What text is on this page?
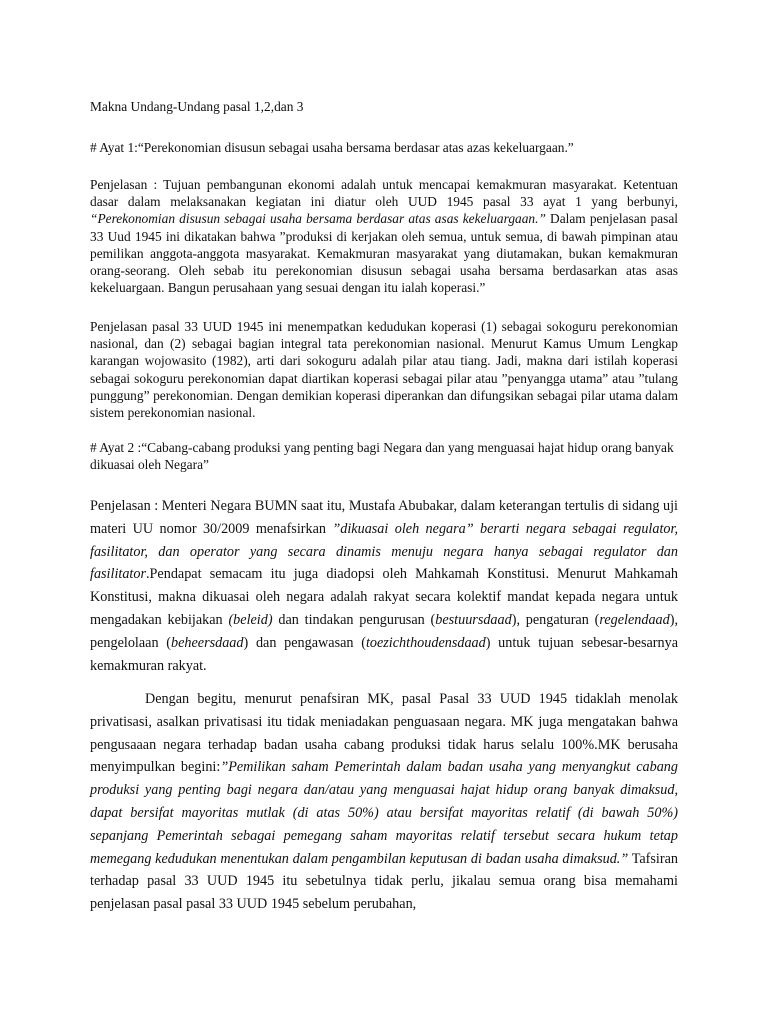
Makna Undang-Undang pasal 1,2,dan 3

# Ayat 1:“Perekonomian disusun sebagai usaha bersama berdasar atas azas kekeluargaan.”

Penjelasan : Tujuan pembangunan ekonomi adalah untuk mencapai kemakmuran masyarakat. Ketentuan dasar dalam melaksanakan kegiatan ini diatur oleh UUD 1945 pasal 33 ayat 1 yang berbunyi, “Perekonomian disusun sebagai usaha bersama berdasar atas asas kekeluargaan.” Dalam penjelasan pasal 33 Uud 1945 ini dikatakan bahwa ”produksi di kerjakan oleh semua, untuk semua, di bawah pimpinan atau pemilikan anggota-anggota masyarakat. Kemakmuran masyarakat yang diutamakan, bukan kemakmuran orang-seorang. Oleh sebab itu perekonomian disusun sebagai usaha bersama berdasarkan atas asas kekeluargaan. Bangun perusahaan yang sesuai dengan itu ialah koperasi.”

Penjelasan pasal 33 UUD 1945 ini menempatkan kedudukan koperasi (1) sebagai sokoguru perekonomian nasional, dan (2) sebagai bagian integral tata perekonomian nasional. Menurut Kamus Umum Lengkap karangan wojowasito (1982), arti dari sokoguru adalah pilar atau tiang. Jadi, makna dari istilah koperasi sebagai sokoguru perekonomian dapat diartikan koperasi sebagai pilar atau ”penyangga utama” atau ”tulang punggung” perekonomian. Dengan demikian koperasi diperankan dan difungsikan sebagai pilar utama dalam sistem perekonomian nasional.

# Ayat 2 :“Cabang-cabang produksi yang penting bagi Negara dan yang menguasai hajat hidup orang banyak dikuasai oleh Negara”

Penjelasan : Menteri Negara BUMN saat itu, Mustafa Abubakar, dalam keterangan tertulis di sidang uji materi UU nomor 30/2009 menafsirkan ”dikuasai oleh negara” berarti negara sebagai regulator, fasilitator, dan operator yang secara dinamis menuju negara hanya sebagai regulator dan fasilitator.Pendapat semacam itu juga diadopsi oleh Mahkamah Konstitusi. Menurut Mahkamah Konstitusi, makna dikuasai oleh negara adalah rakyat secara kolektif mandat kepada negara untuk mengadakan kebijakan (beleid) dan tindakan pengurusan (bestuursdaad), pengaturan (regelendaad), pengelolaan (beheersdaad) dan pengawasan (toezichthoudensdaad) untuk tujuan sebesar-besarnya kemakmuran rakyat.

Dengan begitu, menurut penafsiran MK, pasal Pasal 33 UUD 1945 tidaklah menolak privatisasi, asalkan privatisasi itu tidak meniadakan penguasaan negara. MK juga mengatakan bahwa pengusaaan negara terhadap badan usaha cabang produksi tidak harus selalu 100%.MK berusaha menyimpulkan begini:”Pemilikan saham Pemerintah dalam badan usaha yang menyangkut cabang produksi yang penting bagi negara dan/atau yang menguasai hajat hidup orang banyak dimaksud, dapat bersifat mayoritas mutlak (di atas 50%) atau bersifat mayoritas relatif (di bawah 50%) sepanjang Pemerintah sebagai pemegang saham mayoritas relatif tersebut secara hukum tetap memegang kedudukan menentukan dalam pengambilan keputusan di badan usaha dimaksud.” Tafsiran terhadap pasal 33 UUD 1945 itu sebetulnya tidak perlu, jikalau semua orang bisa memahami penjelasan pasal pasal 33 UUD 1945 sebelum perubahan,
